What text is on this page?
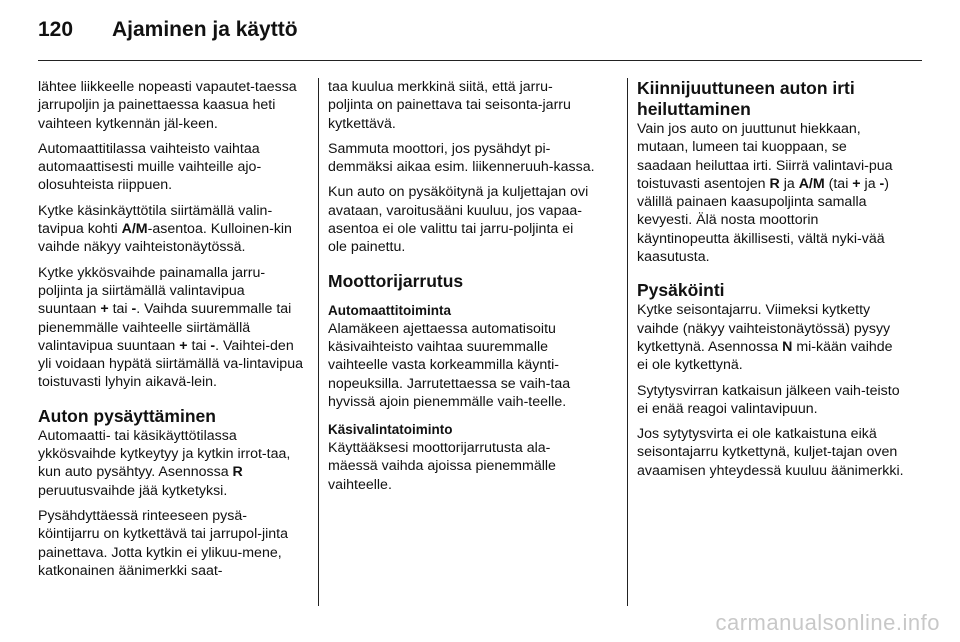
120 Ajaminen ja käyttö

lähtee liikkeelle nopeasti vapautet-taessa jarrupoljin ja painettaessa kaasua heti vaihteen kytkennän jäl-keen.

Automaattitilassa vaihteisto vaihtaa automaattisesti muille vaihteille ajo-olosuhteista riippuen.

Kytke käsinkäyttötila siirtämällä valin-tavipua kohti A/M-asentoa. Kulloinen-kin vaihde näkyy vaihteistonäytössä.

Kytke ykkösvaihde painamalla jarru-poljinta ja siirtämällä valintavipua suuntaan + tai -. Vaihda suuremmalle tai pienemmälle vaihteelle siirtämällä valintavipua suuntaan + tai -. Vaihtei-den yli voidaan hypätä siirtämällä va-lintavipua toistuvasti lyhyin aikavä-lein.

Auton pysäyttäminen

Automaatti- tai käsikäyttötilassa ykkösvaihde kytkeytyy ja kytkin irrot-taa, kun auto pysähtyy. Asennossa R peruutusvaihde jää kytketyksi.

Pysähdyttäessä rinteeseen pysä-köintijarru on kytkettävä tai jarrupol-jinta painettava. Jotta kytkin ei ylikuu-mene, katkonainen äänimerkki saat-

taa kuulua merkkinä siitä, että jarru-poljinta on painettava tai seisonta-jarru kytkettävä.

Sammuta moottori, jos pysähdyt pi-demmäksi aikaa esim. liikenneruuh-kassa.

Kun auto on pysäköitynä ja kuljettajan ovi avataan, varoitusääni kuuluu, jos vapaa-asentoa ei ole valittu tai jarru-poljinta ei ole painettu.

Moottorijarrutus
Automaattitoiminta

Alamäkeen ajettaessa automatisoitu käsivaihteisto vaihtaa suuremmalle vaihteelle vasta korkeammilla käynti-nopeuksilla. Jarrutettaessa se vaih-taa hyvissä ajoin pienemmälle vaih-teelle.

Käsivalintatoiminto

Käyttääksesi moottorijarrutusta ala-mäessä vaihda ajoissa pienemmälle vaihteelle.

Kiinnijuuttuneen auton irti heiluttaminen

Vain jos auto on juuttunut hiekkaan, mutaan, lumeen tai kuoppaan, se saadaan heiluttaa irti. Siirrä valintavi-pua toistuvasti asentojen R ja A/M (tai + ja -) välillä painaen kaasupoljinta samalla kevyesti. Älä nosta moottorin käyntinopeutta äkillisesti, vältä nyki-vää kaasutusta.

Pysäköinti

Kytke seisontajarru. Viimeksi kytketty vaihde (näkyy vaihteistonäytössä) pysyy kytkettynä. Asennossa N mi-kään vaihde ei ole kytkettynä.

Sytytysvirran katkaisun jälkeen vaih-teisto ei enää reagoi valintavipuun.

Jos sytytysvirta ei ole katkaistuna eikä seisontajarru kytkettynä, kuljet-tajan oven avaamisen yhteydessä kuuluu äänimerkki.

carmanualsonline.info
